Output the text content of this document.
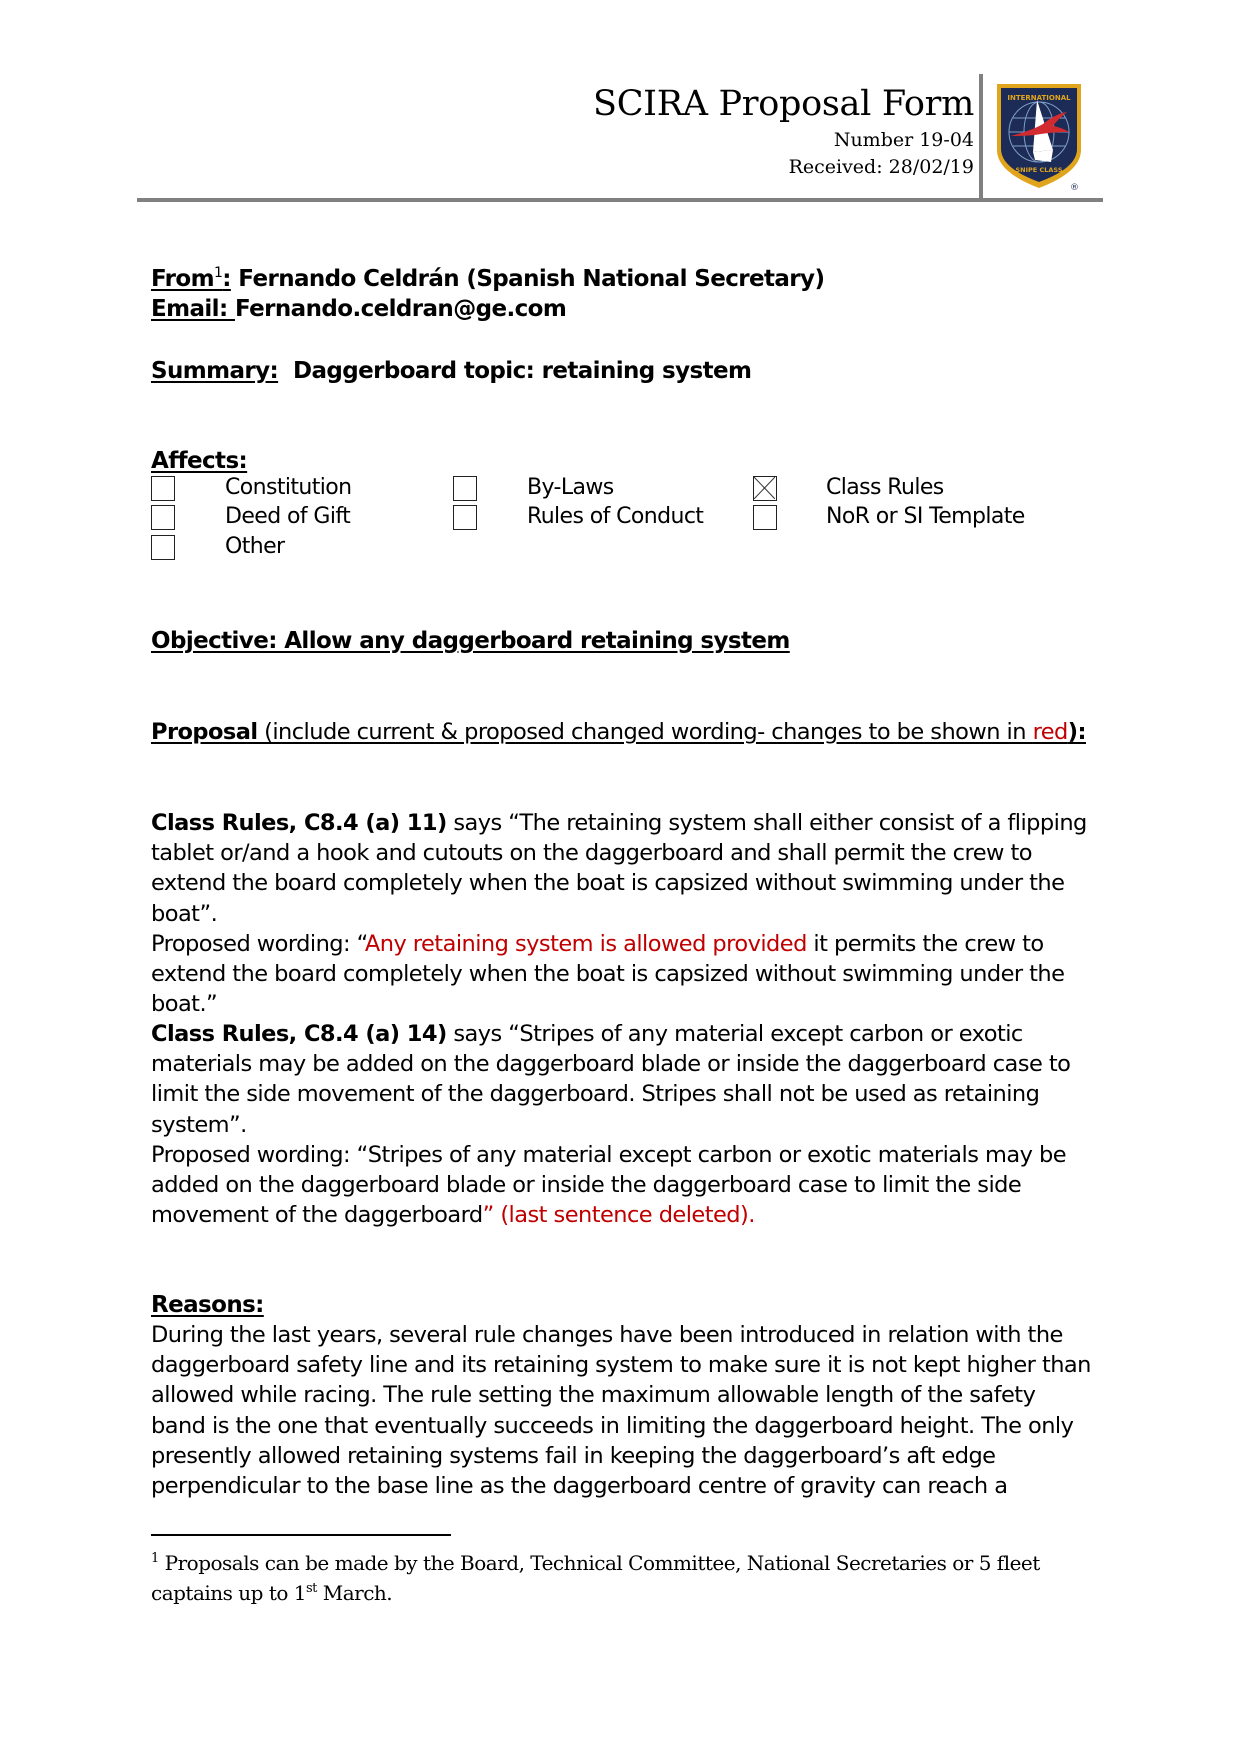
SCIRA Proposal Form
Number 19-04
Received: 28/02/19
INTERNATIONAL
SNIPE CLASS
®
From$^1$: Fernando Celdrán (Spanish National Secretary)
Email: Fernando.celdran@ge.com
Summary: Daggerboard topic: retaining system
Affects:
Constitution	By-Laws	Class Rules
Deed of Gift	Rules of Conduct	NoR or SI Template
Other
Objective: Allow any daggerboard retaining system
Proposal (include current & proposed changed wording- changes to be shown in red):
Class Rules, C8.4 (a) 11) says “The retaining system shall either consist of a flipping tablet or/and a hook and cutouts on the daggerboard and shall permit the crew to extend the board completely when the boat is capsized without swimming under the boat”.
Proposed wording: “Any retaining system is allowed provided it permits the crew to extend the board completely when the boat is capsized without swimming under the boat.”
Class Rules, C8.4 (a) 14) says “Stripes of any material except carbon or exotic materials may be added on the daggerboard blade or inside the daggerboard case to limit the side movement of the daggerboard. Stripes shall not be used as retaining system”.
Proposed wording: “Stripes of any material except carbon or exotic materials may be added on the daggerboard blade or inside the daggerboard case to limit the side movement of the daggerboard” (last sentence deleted).
Reasons:
During the last years, several rule changes have been introduced in relation with the daggerboard safety line and its retaining system to make sure it is not kept higher than allowed while racing. The rule setting the maximum allowable length of the safety band is the one that eventually succeeds in limiting the daggerboard height. The only presently allowed retaining systems fail in keeping the daggerboard’s aft edge perpendicular to the base line as the daggerboard centre of gravity can reach a
$^1$ Proposals can be made by the Board, Technical Committee, National Secretaries or 5 fleet captains up to 1st March.
